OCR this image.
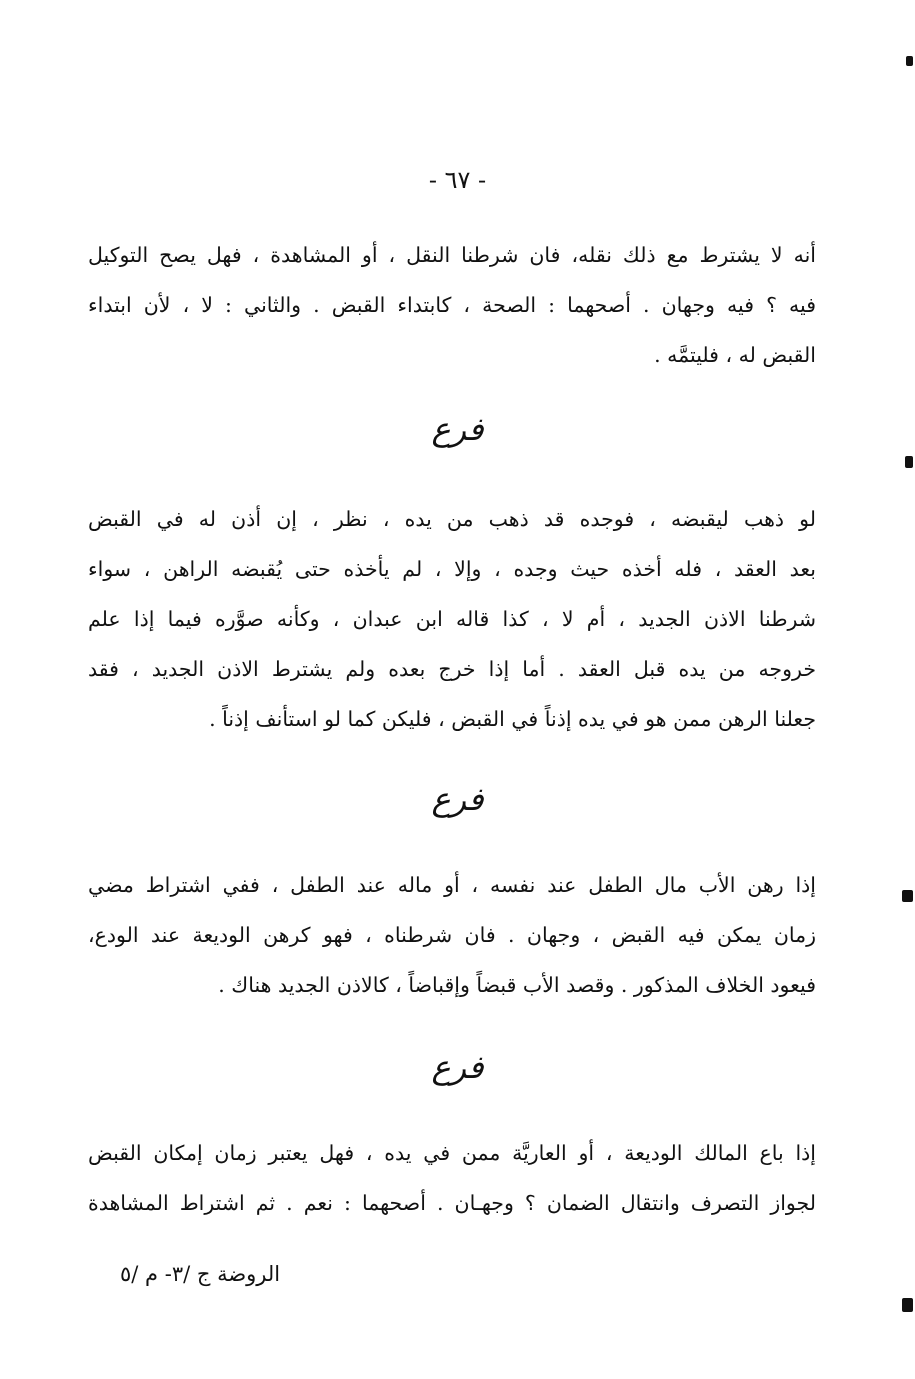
- ٦٧ -
أنه لا يشترط مع ذلك نقله، فان شرطنا النقل ، أو المشاهدة ، فهل يصح التوكيل
فيه ؟ فيه وجهان . أصحهما : الصحة ، كابتداء القبض . والثاني : لا ، لأن ابتداء
القبض له ، فليتمَّه .
فرع
لو ذهب ليقبضه ، فوجده قد ذهب من يده ، نظر ، إن أذن له في القبض
بعد العقد ، فله أخذه حيث وجده ، وإلا ، لم يأخذه حتى يُقبضه الراهن ، سواء
شرطنا الاذن الجديد ، أم لا ، كذا قاله ابن عبدان ، وكأنه صوَّره فيما إذا علم
خروجه من يده قبل العقد . أما إذا خرج بعده ولم يشترط الاذن الجديد ، فقد
جعلنا الرهن ممن هو في يده إذناً في القبض ، فليكن كما لو استأنف إذناً .
فرع
إذا رهن الأب مال الطفل عند نفسه ، أو ماله عند الطفل ، ففي اشتراط مضي
زمان يمكن فيه القبض ، وجهان . فان شرطناه ، فهو كرهن الوديعة عند الودع،
فيعود الخلاف المذكور . وقصد الأب قبضاً وإقباضاً ، كالاذن الجديد هناك .
فرع
إذا باع المالك الوديعة ، أو العاريَّة ممن في يده ، فهل يعتبر زمان إمكان القبض
لجواز التصرف وانتقال الضمان ؟ وجهـان . أصحهما : نعم . ثم اشتراط المشاهدة
الروضة ج /٣- م /٥
